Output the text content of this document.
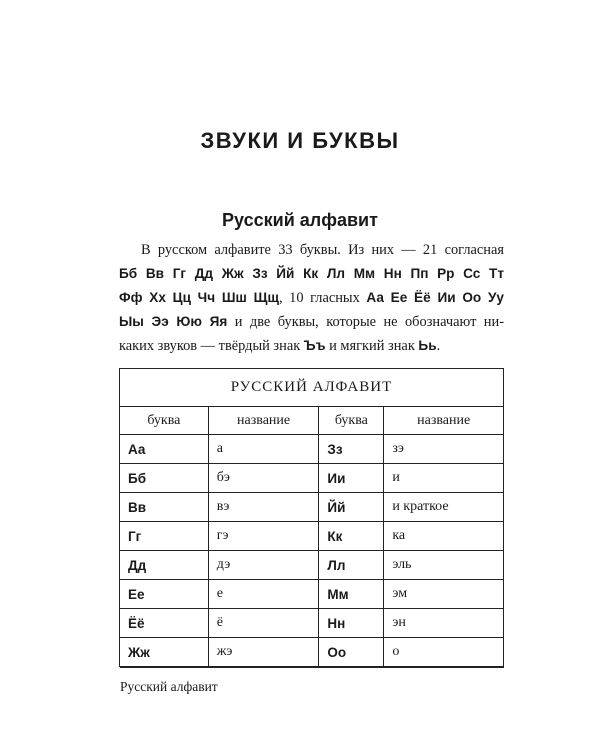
ЗВУКИ И БУКВЫ
Русский алфавит
В русском алфавите 33 буквы. Из них — 21 согласная
Бб Вв Гг Дд Жж Зз Йй Кк Лл Мм Нн Пп Рр Сс Тт
Фф Хх Цц Чч Шш Щщ, 10 гласных Аа Ее Ёё Ии Оо Уу
Ыы Ээ Юю Яя и две буквы, которые не обозначают ни-
каких звуков — твёрдый знак Ъъ и мягкий знак Ьь.
РУССКИЙ АЛФАВИТ			
буква	название	буква	название
Аа	а	Зз	зэ
Бб	бэ	Ии	и
Вв	вэ	Йй	и краткое
Гг	гэ	Кк	ка
Дд	дэ	Лл	эль
Ее	е	Мм	эм
Ёё	ё	Нн	эн
Жж	жэ	Оо	о
Русский алфавит
